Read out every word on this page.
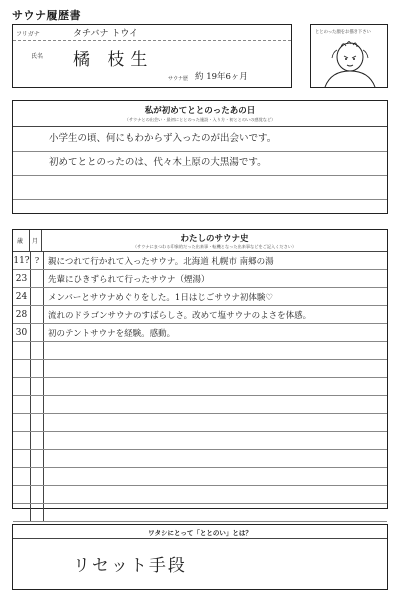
サウナ履歴書
フリガナ	タチバナ トウイ
氏名 橘 枝生
サウナ歴 約 19年6ヶ月
ととのった顔をお描き下さい
私が初めてととのったあの日
（サウナとの出会い・最初にととのった施設・入り方・初ととのいの感覚など）
小学生の頃、何にもわからず入ったのが出会いです。
初めてととのったのは、代々木上原の大黒湯です。
歳 月	わたしのサウナ史
（サウナにまつわる印象的だった出来事・転機となった出来事などをご記入ください）
11? ?	親につれて行かれて入ったサウナ。北海道 札幌市 南郷の湯
23	先輩にひきずられて行ったサウナ（煙湯）
24	メンバーとサウナめぐりをした。1日はじごサウナ初体験♡
28	流れのドラゴンサウナのすばらしさ。改めて塩サウナのよさを体感。
30	初のテントサウナを経験。感動。
ワタシにとって「ととのい」とは？
リセット手段
